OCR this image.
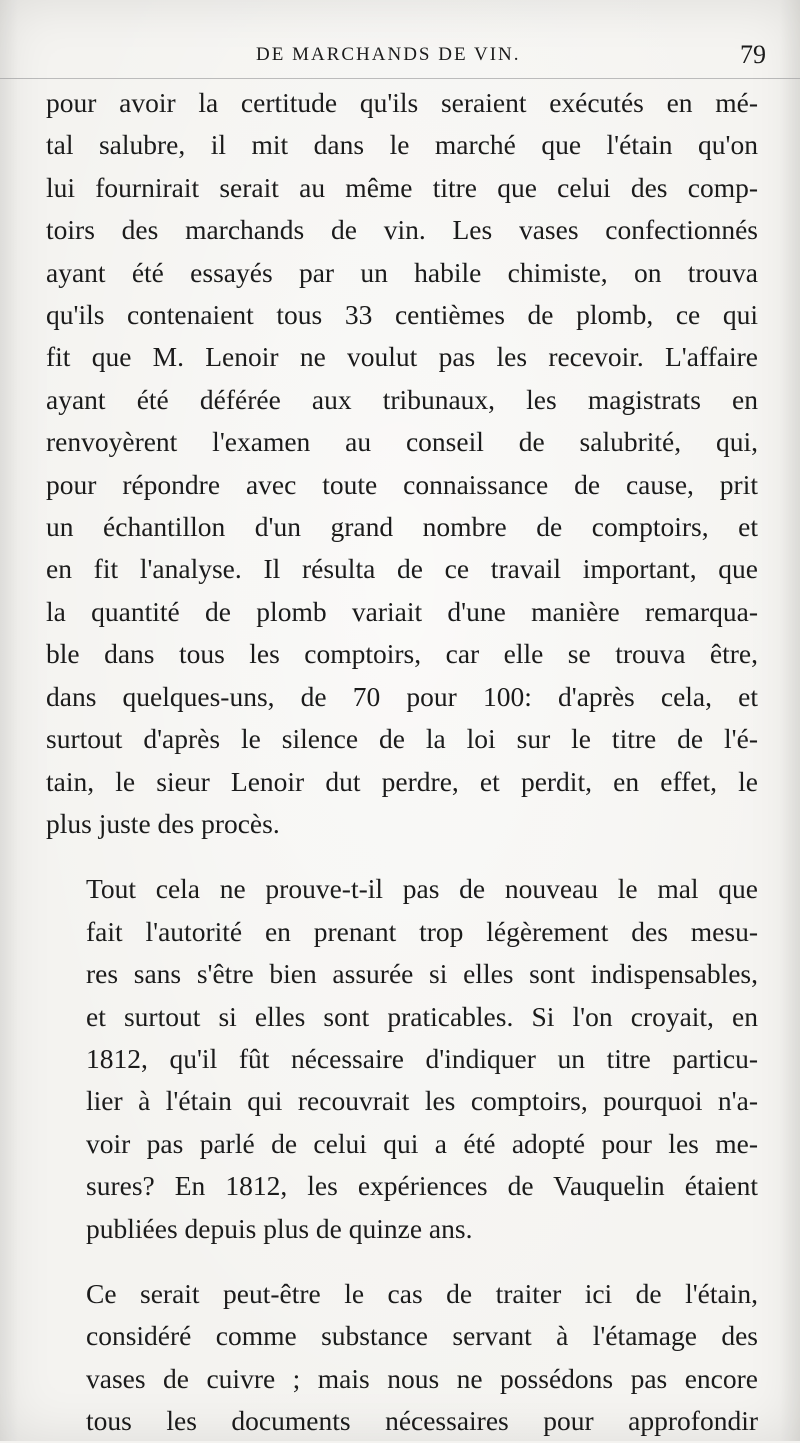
DE MARCHANDS DE VIN.	79

pour avoir la certitude qu'ils seraient exécutés en mé-
tal salubre, il mit dans le marché que l'étain qu'on
lui fournirait serait au même titre que celui des comp-
toirs des marchands de vin. Les vases confectionnés
ayant été essayés par un habile chimiste, on trouva
qu'ils contenaient tous 33 centièmes de plomb, ce qui
fit que M. Lenoir ne voulut pas les recevoir. L'affaire
ayant été déférée aux tribunaux, les magistrats en
renvoyèrent l'examen au conseil de salubrité, qui,
pour répondre avec toute connaissance de cause, prit
un échantillon d'un grand nombre de comptoirs, et
en fit l'analyse. Il résulta de ce travail important, que
la quantité de plomb variait d'une manière remarqua-
ble dans tous les comptoirs, car elle se trouva être,
dans quelques-uns, de 70 pour 100: d'après cela, et
surtout d'après le silence de la loi sur le titre de l'é-
tain, le sieur Lenoir dut perdre, et perdit, en effet, le
plus juste des procès.

Tout cela ne prouve-t-il pas de nouveau le mal que
fait l'autorité en prenant trop légèrement des mesu-
res sans s'être bien assurée si elles sont indispensables,
et surtout si elles sont praticables. Si l'on croyait, en
1812, qu'il fût nécessaire d'indiquer un titre particu-
lier à l'étain qui recouvrait les comptoirs, pourquoi n'a-
voir pas parlé de celui qui a été adopté pour les me-
sures? En 1812, les expériences de Vauquelin étaient
publiées depuis plus de quinze ans.

Ce serait peut-être le cas de traiter ici de l'étain,
considéré comme substance servant à l'étamage des
vases de cuivre ; mais nous ne possédons pas encore
tous les documents nécessaires pour approfondir
